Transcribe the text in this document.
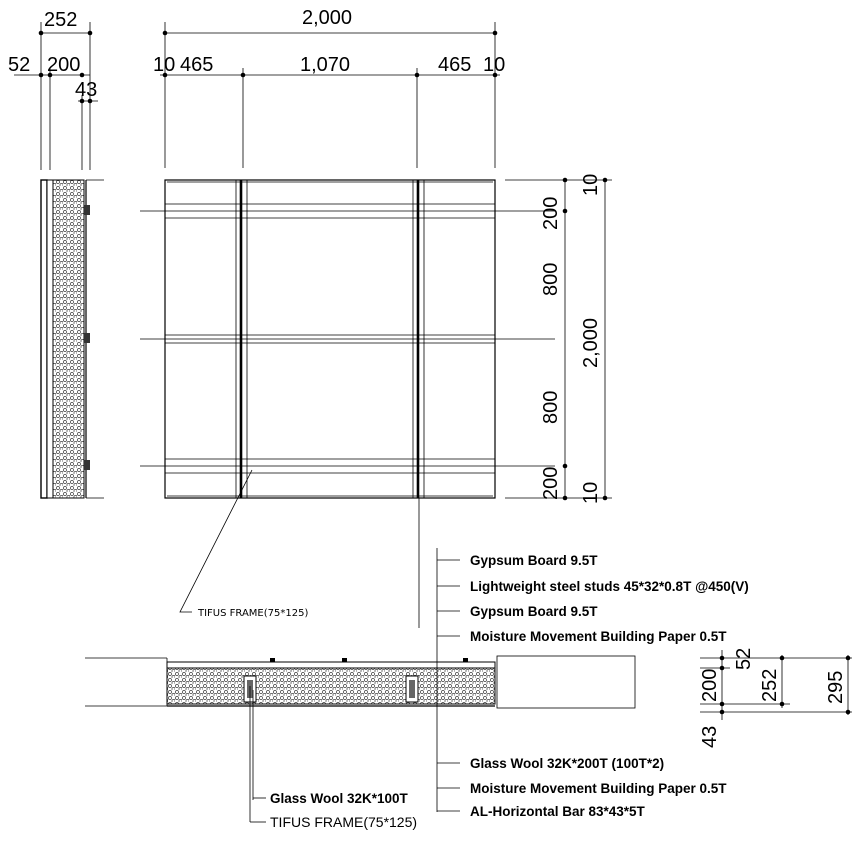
252
52 200
43
2,000
10 465	1,070	465 10
TIFUS FRAME(75*125)
200
800
800
200
10
10
2,000
52
200
43
252 295
Gypsum Board 9.5T
Lightweight steel studs 45*32*0.8T @450(V)
Gypsum Board 9.5T
Moisture Movement Building Paper 0.5T
Glass Wool 32K*200T (100T*2)
Moisture Movement Building Paper 0.5T
AL-Horizontal Bar 83*43*5T
Glass Wool 32K*100T
TIFUS FRAME(75*125)
